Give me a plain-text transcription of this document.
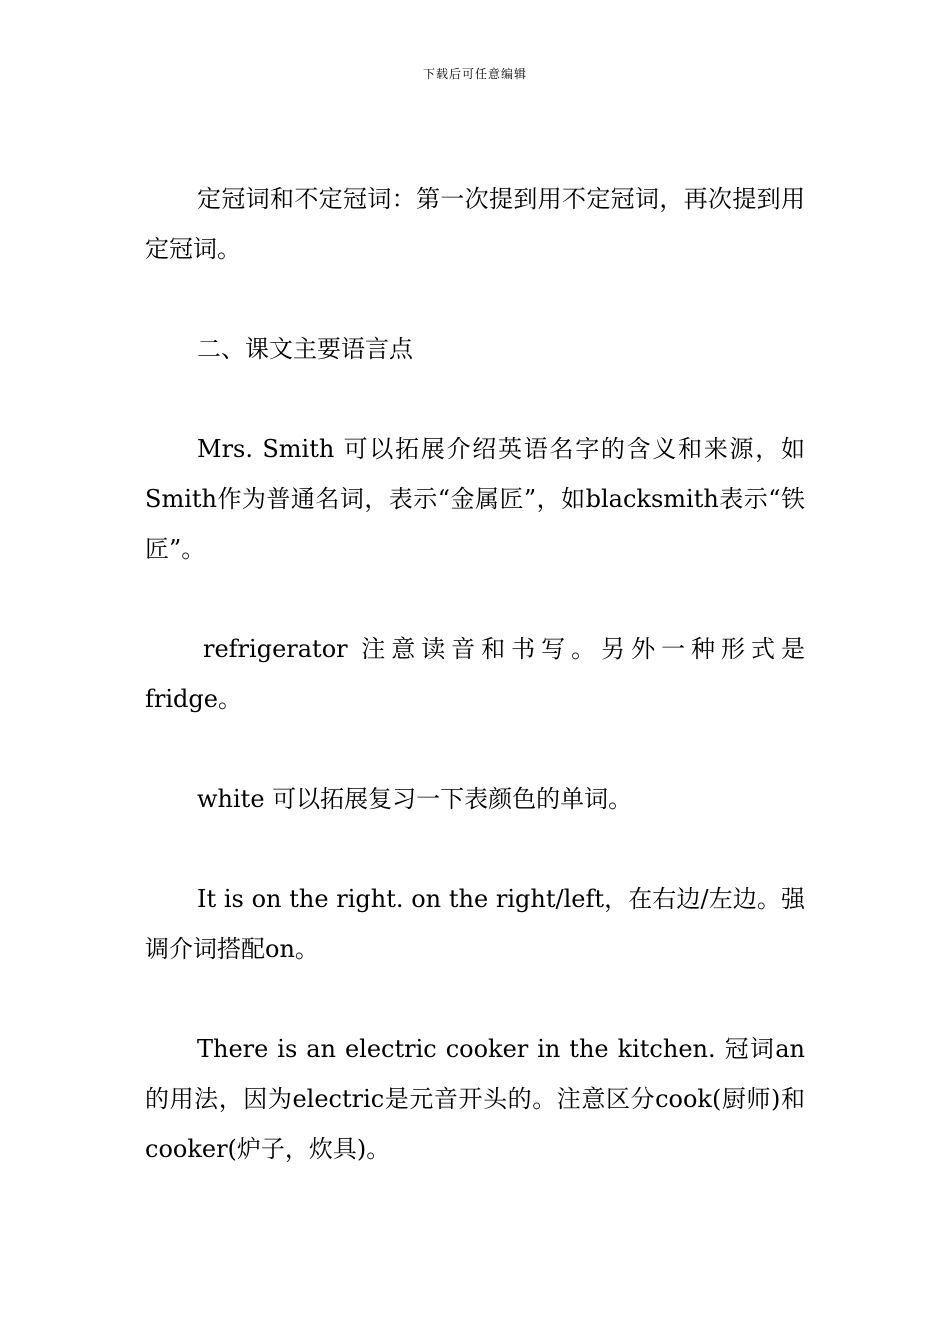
下载后可任意编辑

定冠词和不定冠词：第一次提到用不定冠词，再次提到用定冠词。

二、课文主要语言点

Mrs. Smith 可以拓展介绍英语名字的含义和来源，如Smith作为普通名词，表示“金属匠”，如blacksmith表示“铁匠”。

refrigerator 注意读音和书写。另外一种形式是fridge。

white 可以拓展复习一下表颜色的单词。

It is on the right. on the right/left，在右边/左边。强调介词搭配on。

There is an electric cooker in the kitchen. 冠词an的用法，因为electric是元音开头的。注意区分cook(厨师)和cooker(炉子，炊具)。
